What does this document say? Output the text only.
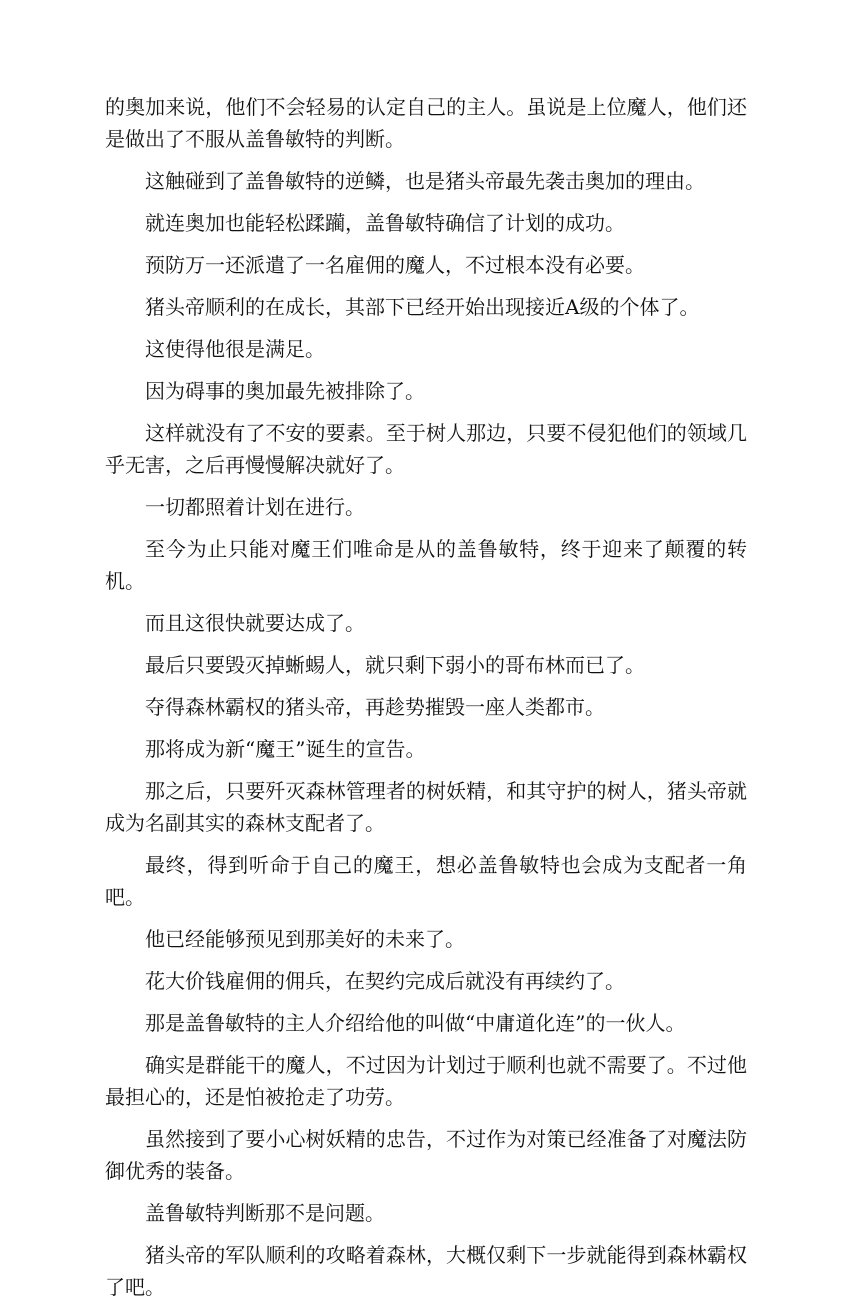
的奥加来说，他们不会轻易的认定自己的主人。虽说是上位魔人，他们还是做出了不服从盖鲁敏特的判断。

这触碰到了盖鲁敏特的逆鳞，也是猪头帝最先袭击奥加的理由。

就连奥加也能轻松蹂躏，盖鲁敏特确信了计划的成功。

预防万一还派遣了一名雇佣的魔人，不过根本没有必要。

猪头帝顺利的在成长，其部下已经开始出现接近A级的个体了。

这使得他很是满足。

因为碍事的奥加最先被排除了。

这样就没有了不安的要素。至于树人那边，只要不侵犯他们的领域几乎无害，之后再慢慢解决就好了。

一切都照着计划在进行。

至今为止只能对魔王们唯命是从的盖鲁敏特，终于迎来了颠覆的转机。

而且这很快就要达成了。

最后只要毁灭掉蜥蜴人，就只剩下弱小的哥布林而已了。

夺得森林霸权的猪头帝，再趁势摧毁一座人类都市。

那将成为新“魔王”诞生的宣告。

那之后，只要歼灭森林管理者的树妖精，和其守护的树人，猪头帝就成为名副其实的森林支配者了。

最终，得到听命于自己的魔王，想必盖鲁敏特也会成为支配者一角吧。

他已经能够预见到那美好的未来了。

花大价钱雇佣的佣兵，在契约完成后就没有再续约了。

那是盖鲁敏特的主人介绍给他的叫做“中庸道化连”的一伙人。

确实是群能干的魔人，不过因为计划过于顺利也就不需要了。不过他最担心的，还是怕被抢走了功劳。

虽然接到了要小心树妖精的忠告，不过作为对策已经准备了对魔法防御优秀的装备。

盖鲁敏特判断那不是问题。

猪头帝的军队顺利的攻略着森林，大概仅剩下一步就能得到森林霸权了吧。
